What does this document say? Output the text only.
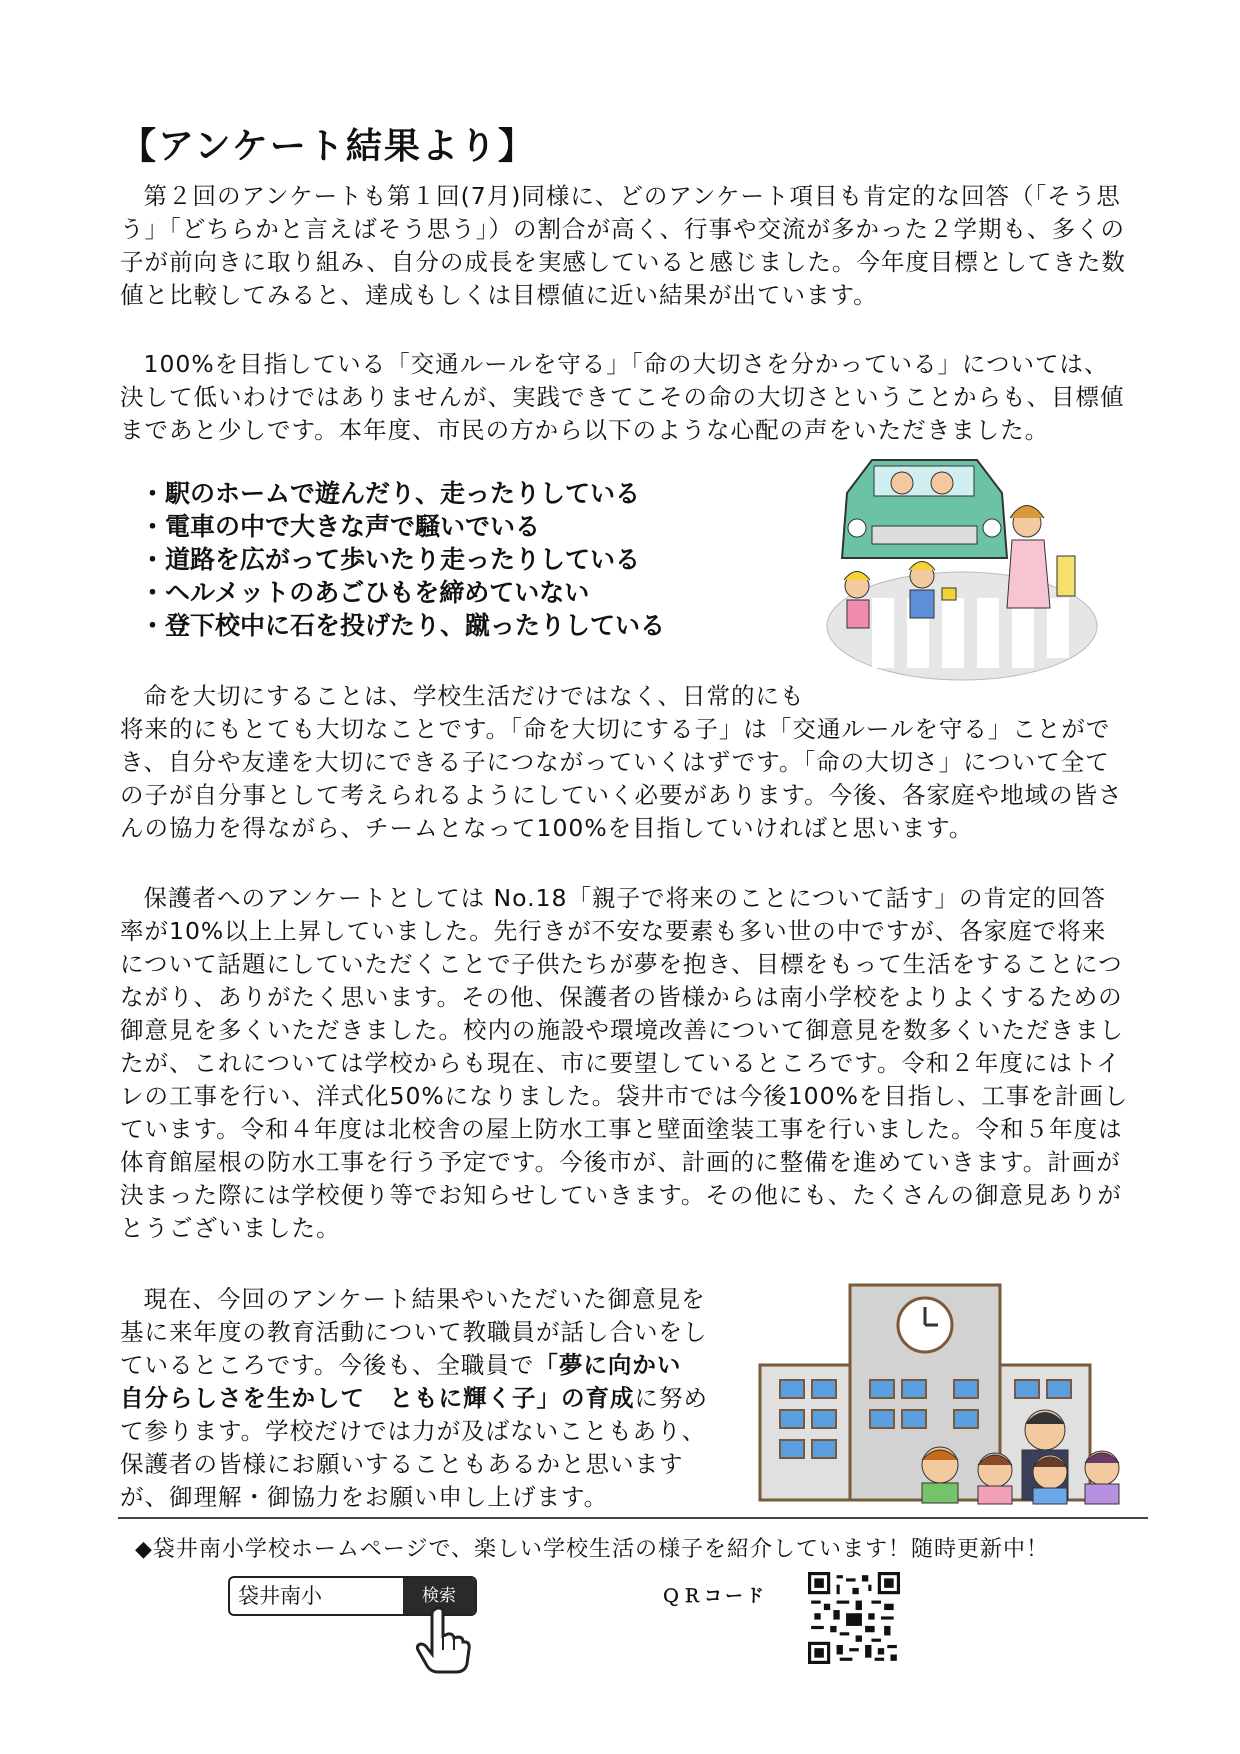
【アンケート結果より】

第２回のアンケートも第１回(7月)同様に、どのアンケート項目も肯定的な回答（「そう思う」「どちらかと言えばそう思う」）の割合が高く、行事や交流が多かった２学期も、多くの子が前向きに取り組み、自分の成長を実感していると感じました。今年度目標としてきた数値と比較してみると、達成もしくは目標値に近い結果が出ています。

100%を目指している「交通ルールを守る」「命の大切さを分かっている」については、決して低いわけではありませんが、実践できてこその命の大切さということからも、目標値まであと少しです。本年度、市民の方から以下のような心配の声をいただきました。

・駅のホームで遊んだり、走ったりしている
・電車の中で大きな声で騒いでいる
・道路を広がって歩いたり走ったりしている
・ヘルメットのあごひもを締めていない
・登下校中に石を投げたり、蹴ったりしている

命を大切にすることは、学校生活だけではなく、日常的にも
将来的にもとても大切なことです。「命を大切にする子」は「交通ルールを守る」ことができ、自分や友達を大切にできる子につながっていくはずです。「命の大切さ」について全ての子が自分事として考えられるようにしていく必要があります。今後、各家庭や地域の皆さんの協力を得ながら、チームとなって100%を目指していければと思います。

保護者へのアンケートとしては No.18「親子で将来のことについて話す」の肯定的回答率が10%以上上昇していました。先行きが不安な要素も多い世の中ですが、各家庭で将来について話題にしていただくことで子供たちが夢を抱き、目標をもって生活をすることにつながり、ありがたく思います。その他、保護者の皆様からは南小学校をよりよくするための御意見を多くいただきました。校内の施設や環境改善について御意見を数多くいただきましたが、これについては学校からも現在、市に要望しているところです。令和２年度にはトイレの工事を行い、洋式化50%になりました。袋井市では今後100%を目指し、工事を計画しています。令和４年度は北校舎の屋上防水工事と壁面塗装工事を行いました。令和５年度は体育館屋根の防水工事を行う予定です。今後市が、計画的に整備を進めていきます。計画が決まった際には学校便り等でお知らせしていきます。その他にも、たくさんの御意見ありがとうございました。

現在、今回のアンケート結果やいただいた御意見を基に来年度の教育活動について教職員が話し合いをしているところです。今後も、全職員で「夢に向かい　自分らしさを生かして　ともに輝く子」の育成に努めて参ります。学校だけでは力が及ばないこともあり、保護者の皆様にお願いすることもあるかと思いますが、御理解・御協力をお願い申し上げます。

◆袋井南小学校ホームページで、楽しい学校生活の様子を紹介しています！随時更新中！
袋井南小	検索	ＱＲコード
